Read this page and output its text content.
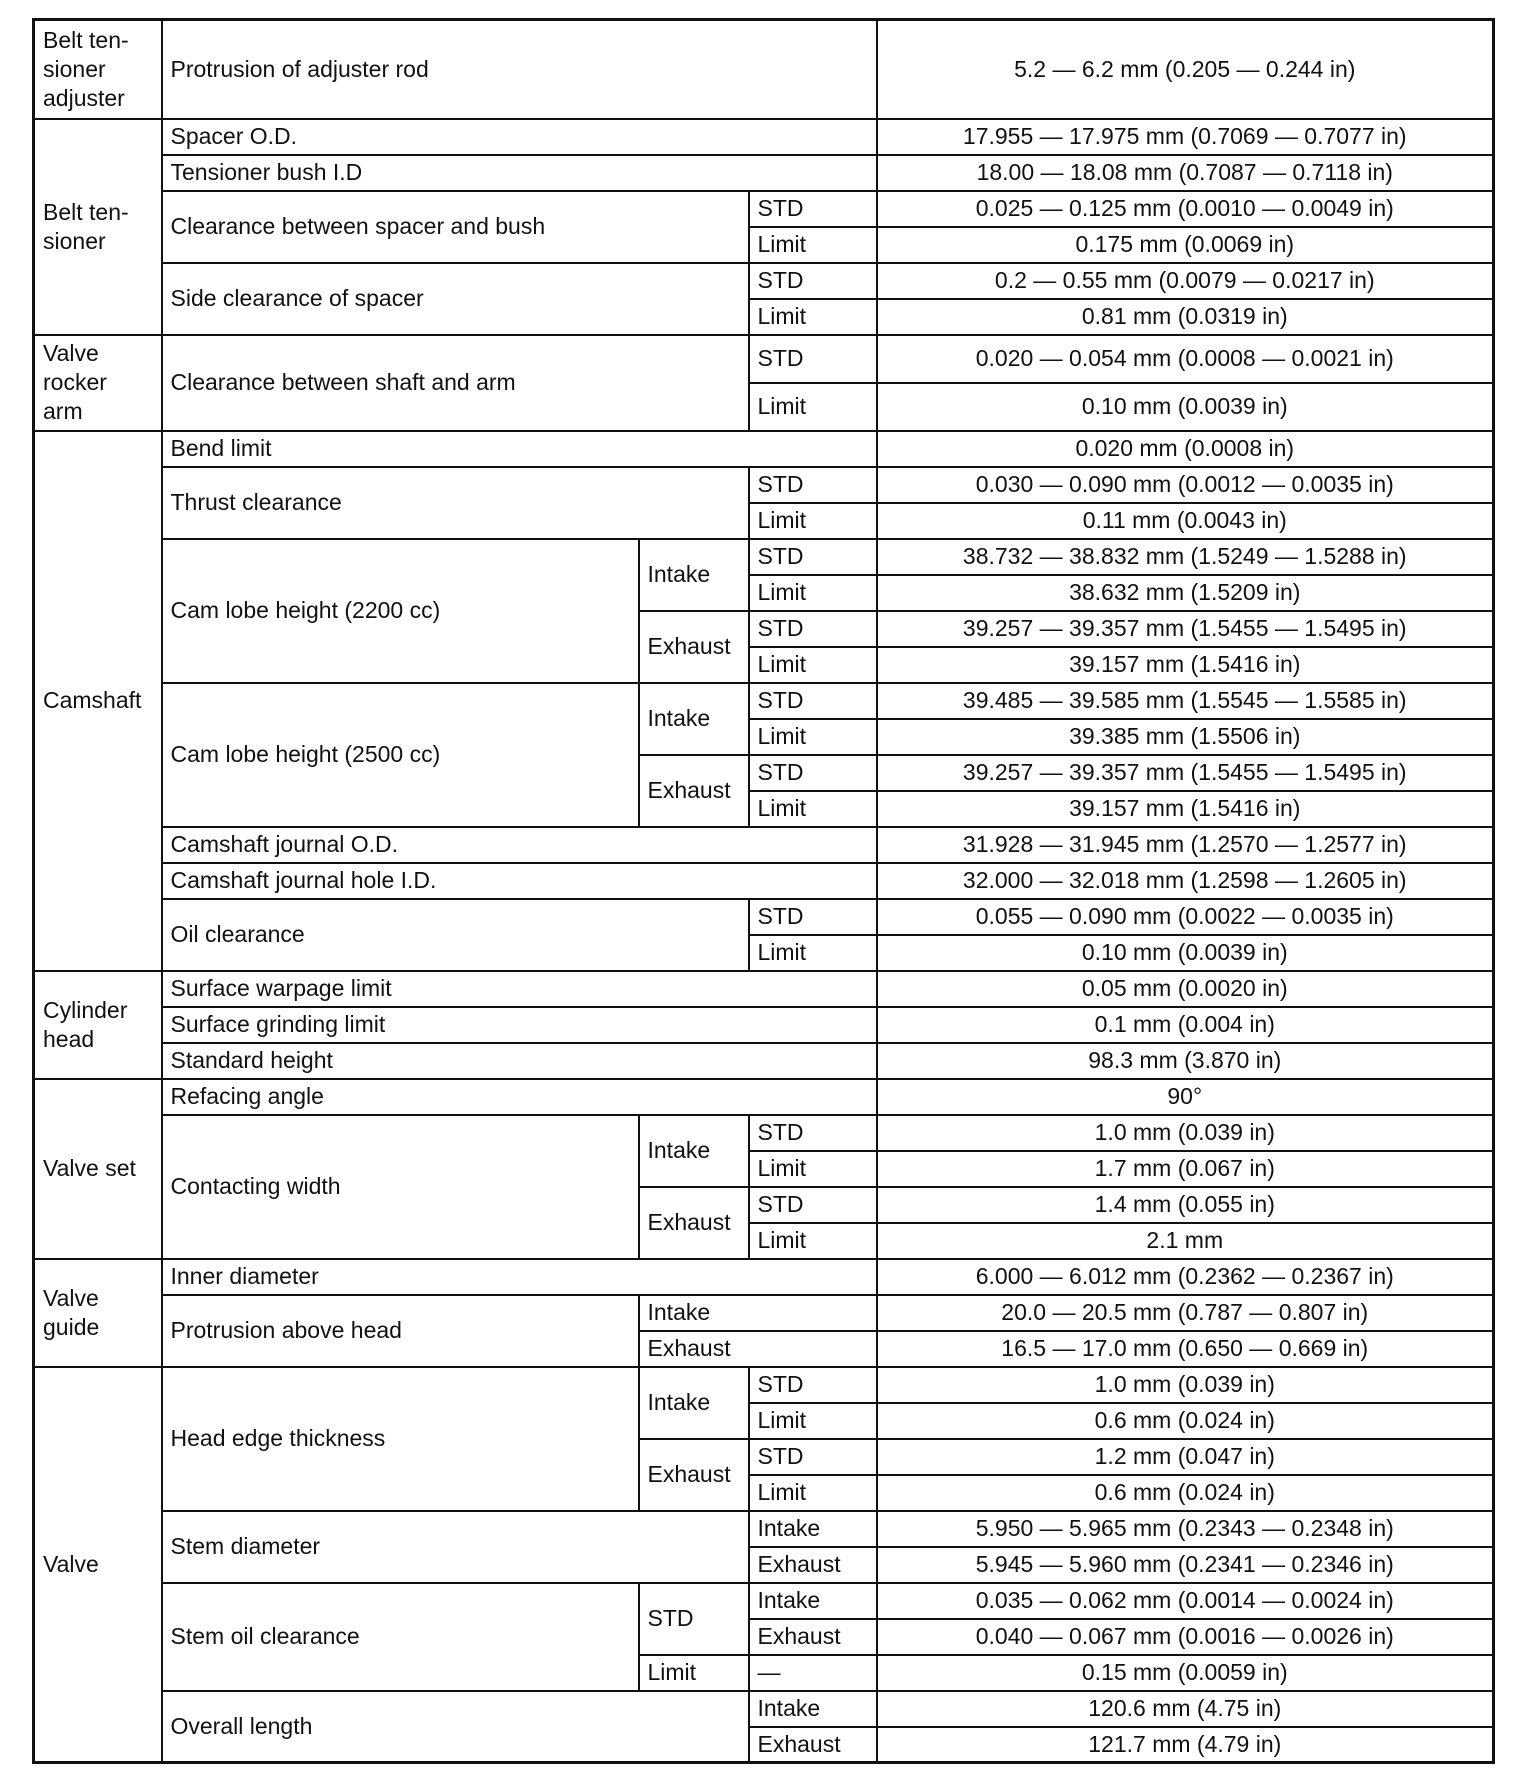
Belt ten-
sioner
adjuster	Protrusion of adjuster rod			5.2 — 6.2 mm (0.205 — 0.244 in)
Belt ten-
sioner	Spacer O.D.			17.955 — 17.975 mm (0.7069 — 0.7077 in)
	Tensioner bush I.D			18.00 — 18.08 mm (0.7087 — 0.7118 in)
	Clearance between spacer and bush		STD	0.025 — 0.125 mm (0.0010 — 0.0049 in)
			Limit	0.175 mm (0.0069 in)
	Side clearance of spacer		STD	0.2 — 0.55 mm (0.0079 — 0.0217 in)
			Limit	0.81 mm (0.0319 in)
Valve
rocker
arm	Clearance between shaft and arm		STD	0.020 — 0.054 mm (0.0008 — 0.0021 in)
			Limit	0.10 mm (0.0039 in)
Camshaft	Bend limit			0.020 mm (0.0008 in)
	Thrust clearance		STD	0.030 — 0.090 mm (0.0012 — 0.0035 in)
			Limit	0.11 mm (0.0043 in)
	Cam lobe height (2200 cc)	Intake	STD	38.732 — 38.832 mm (1.5249 — 1.5288 in)
			Limit	38.632 mm (1.5209 in)
		Exhaust	STD	39.257 — 39.357 mm (1.5455 — 1.5495 in)
			Limit	39.157 mm (1.5416 in)
	Cam lobe height (2500 cc)	Intake	STD	39.485 — 39.585 mm (1.5545 — 1.5585 in)
			Limit	39.385 mm (1.5506 in)
		Exhaust	STD	39.257 — 39.357 mm (1.5455 — 1.5495 in)
			Limit	39.157 mm (1.5416 in)
	Camshaft journal O.D.			31.928 — 31.945 mm (1.2570 — 1.2577 in)
	Camshaft journal hole I.D.			32.000 — 32.018 mm (1.2598 — 1.2605 in)
	Oil clearance		STD	0.055 — 0.090 mm (0.0022 — 0.0035 in)
			Limit	0.10 mm (0.0039 in)
Cylinder
head	Surface warpage limit			0.05 mm (0.0020 in)
	Surface grinding limit			0.1 mm (0.004 in)
	Standard height			98.3 mm (3.870 in)
Valve set	Refacing angle			90°
	Contacting width	Intake	STD	1.0 mm (0.039 in)
			Limit	1.7 mm (0.067 in)
		Exhaust	STD	1.4 mm (0.055 in)
			Limit	2.1 mm
Valve
guide	Inner diameter			6.000 — 6.012 mm (0.2362 — 0.2367 in)
	Protrusion above head	Intake		20.0 — 20.5 mm (0.787 — 0.807 in)
		Exhaust		16.5 — 17.0 mm (0.650 — 0.669 in)
Valve	Head edge thickness	Intake	STD	1.0 mm (0.039 in)
			Limit	0.6 mm (0.024 in)
		Exhaust	STD	1.2 mm (0.047 in)
			Limit	0.6 mm (0.024 in)
	Stem diameter		Intake	5.950 — 5.965 mm (0.2343 — 0.2348 in)
			Exhaust	5.945 — 5.960 mm (0.2341 — 0.2346 in)
	Stem oil clearance	STD	Intake	0.035 — 0.062 mm (0.0014 — 0.0024 in)
			Exhaust	0.040 — 0.067 mm (0.0016 — 0.0026 in)
		Limit	—	0.15 mm (0.0059 in)
	Overall length		Intake	120.6 mm (4.75 in)
			Exhaust	121.7 mm (4.79 in)
